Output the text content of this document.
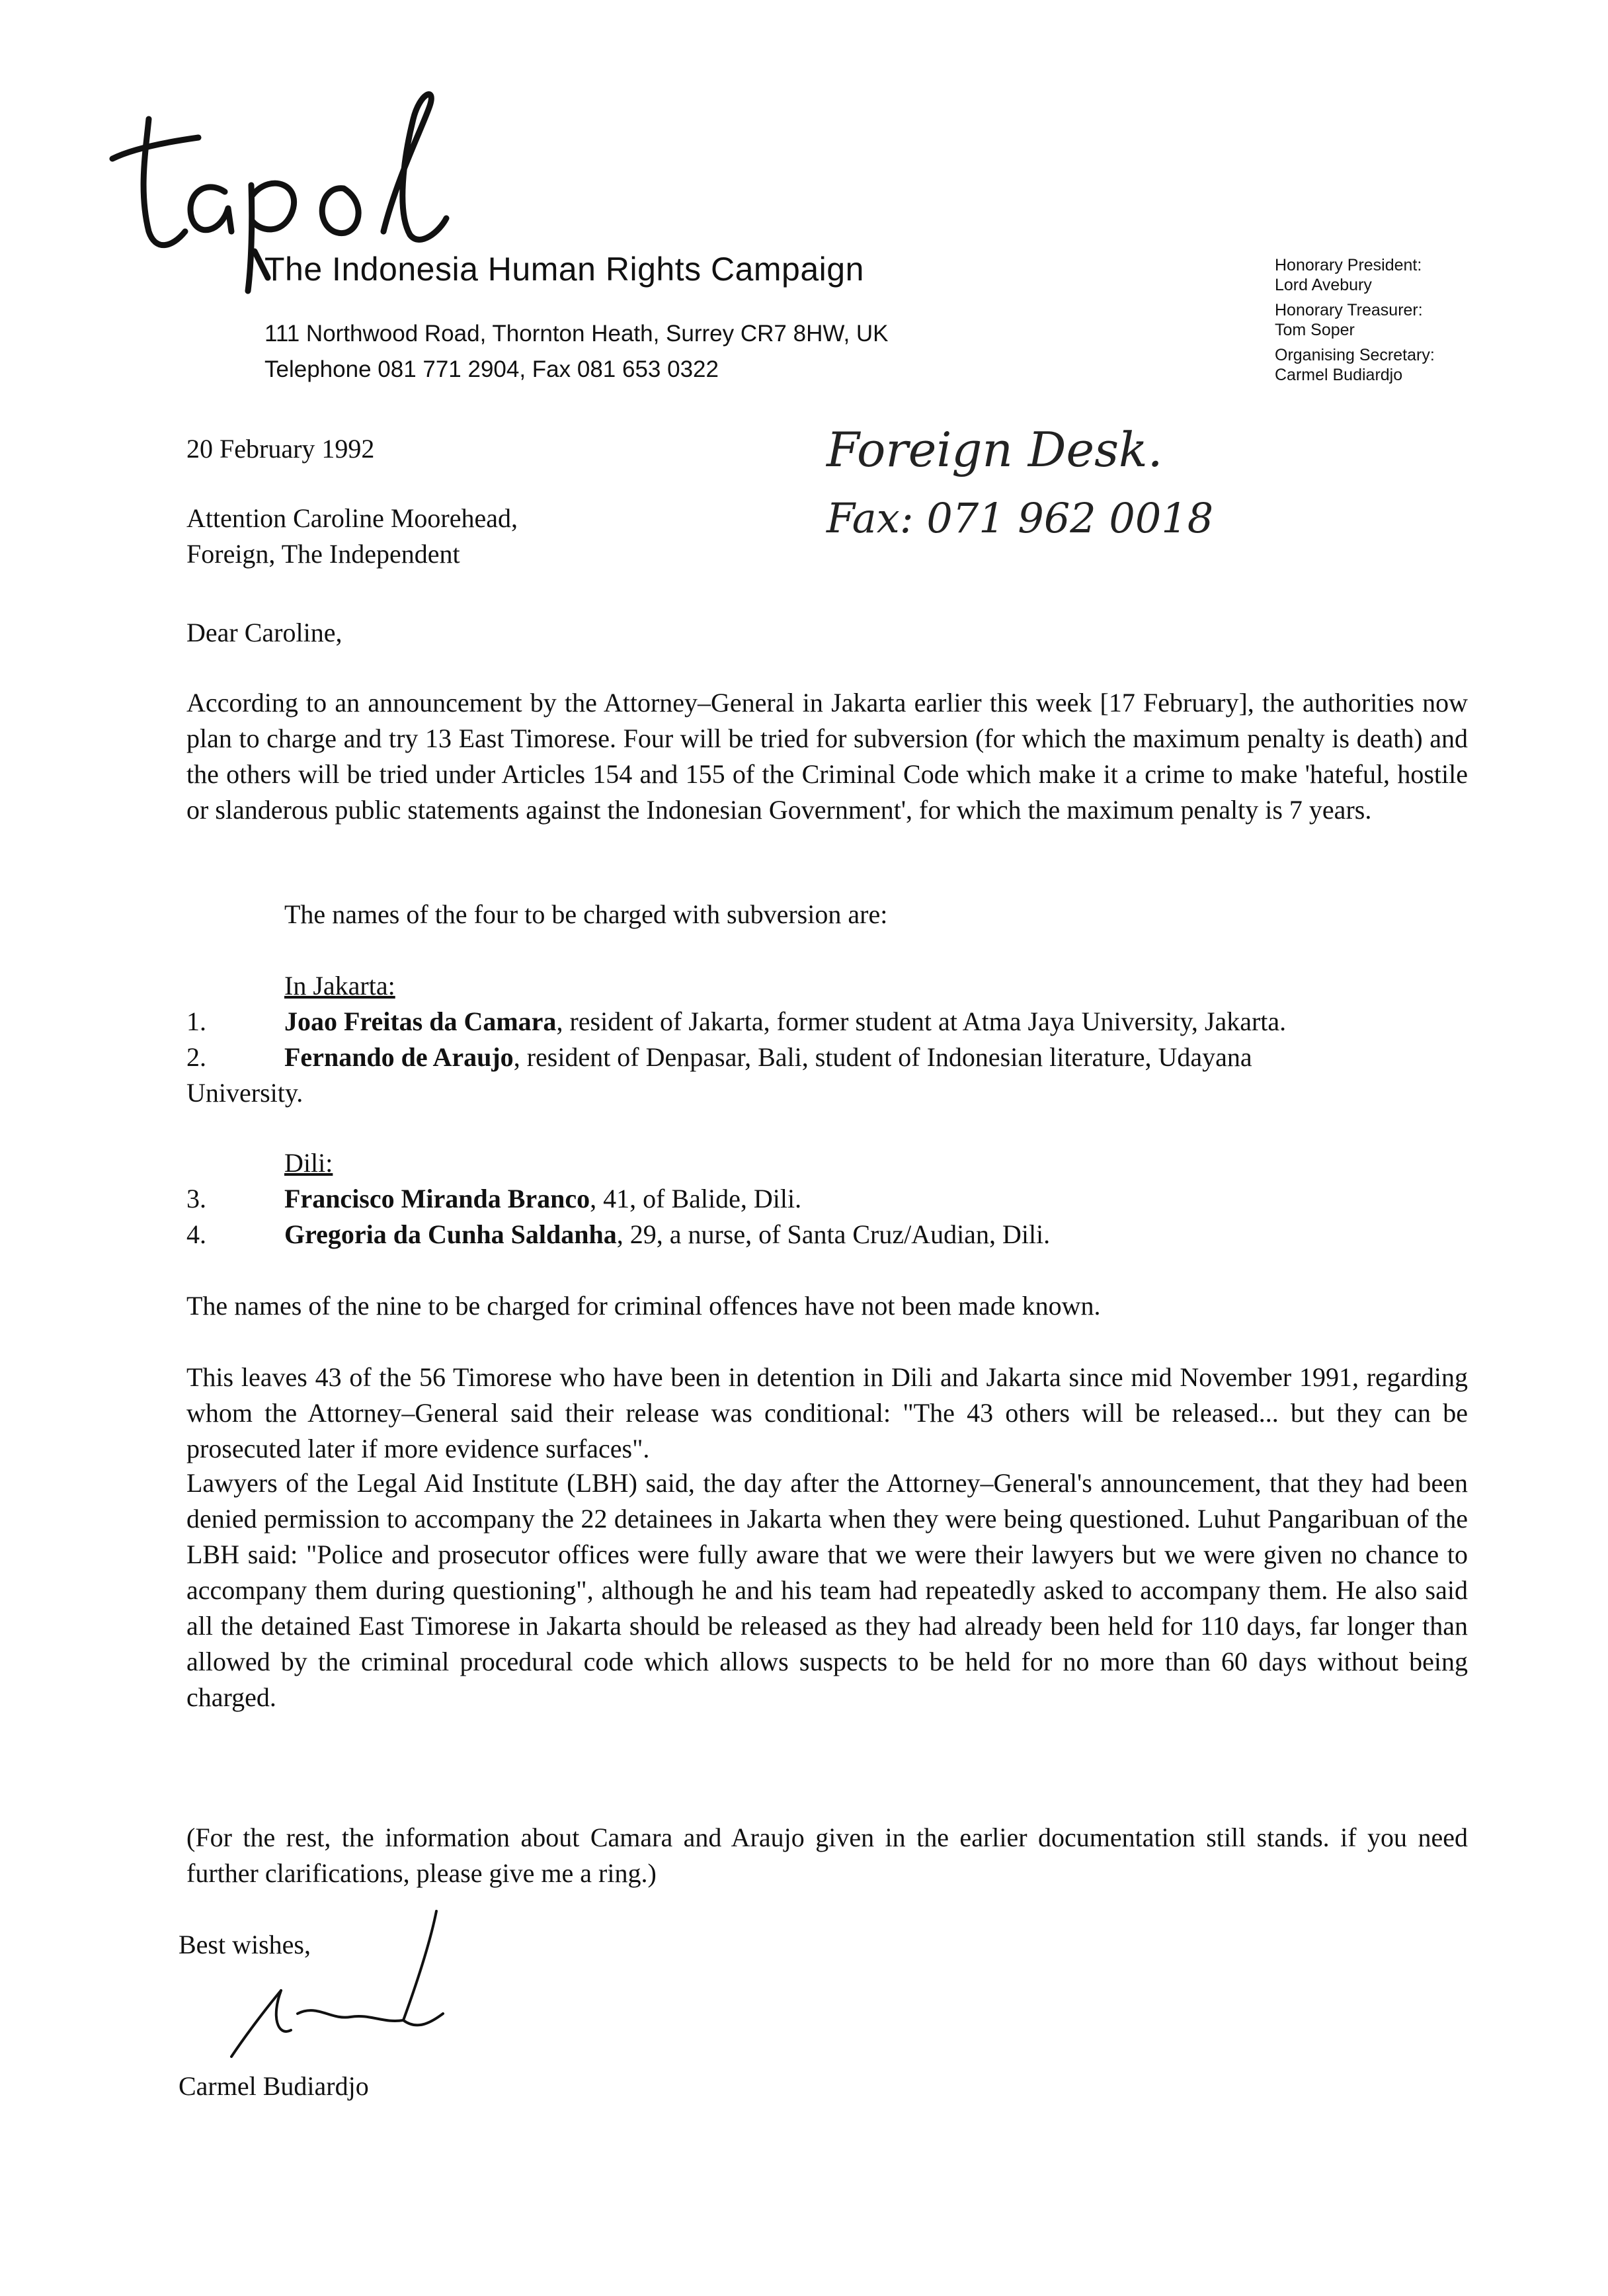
The Indonesia Human Rights Campaign
111 Northwood Road, Thornton Heath, Surrey CR7 8HW, UK
Telephone 081 771 2904, Fax 081 653 0322
Honorary President:
Lord Avebury
Honorary Treasurer:
Tom Soper
Organising Secretary:
Carmel Budiardjo
Foreign Desk.
Fax: 071 962 0018
20 February 1992
Attention Caroline Moorehead,
Foreign, The Independent
Dear Caroline,
According to an announcement by the Attorney–General in Jakarta earlier this week [17 February], the authorities now plan to charge and try 13 East Timorese. Four will be tried for subversion (for which the maximum penalty is death) and the others will be tried under Articles 154 and 155 of the Criminal Code which make it a crime to make 'hateful, hostile or slanderous public statements against the Indonesian Government', for which the maximum penalty is 7 years.
The names of the four to be charged with subversion are:
In Jakarta:
1.	Joao Freitas da Camara, resident of Jakarta, former student at Atma Jaya University, Jakarta.
2.	Fernando de Araujo, resident of Denpasar, Bali, student of Indonesian literature, Udayana
University.
Dili:
3.	Francisco Miranda Branco, 41, of Balide, Dili.
4.	Gregoria da Cunha Saldanha, 29, a nurse, of Santa Cruz/Audian, Dili.
The names of the nine to be charged for criminal offences have not been made known.
This leaves 43 of the 56 Timorese who have been in detention in Dili and Jakarta since mid November 1991, regarding whom the Attorney–General said their release was conditional: "The 43 others will be released... but they can be prosecuted later if more evidence surfaces".
Lawyers of the Legal Aid Institute (LBH) said, the day after the Attorney–General's announcement, that they had been denied permission to accompany the 22 detainees in Jakarta when they were being questioned. Luhut Pangaribuan of the LBH said: "Police and prosecutor offices were fully aware that we were their lawyers but we were given no chance to accompany them during questioning", although he and his team had repeatedly asked to accompany them. He also said all the detained East Timorese in Jakarta should be released as they had already been held for 110 days, far longer than allowed by the criminal procedural code which allows suspects to be held for no more than 60 days without being charged.
(For the rest, the information about Camara and Araujo given in the earlier documentation still stands. if you need further clarifications, please give me a ring.)
Best wishes,
Carmel Budiardjo
